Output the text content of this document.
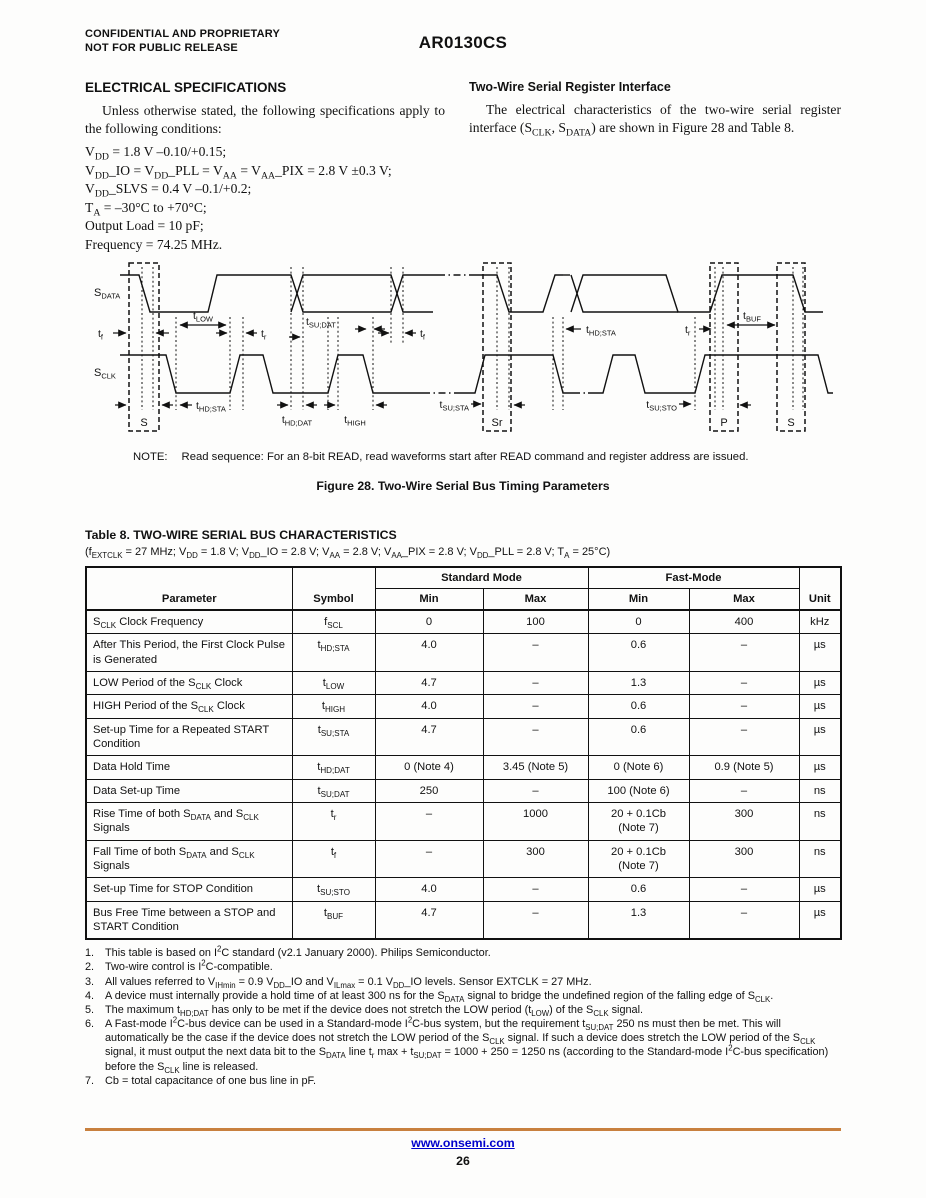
CONFIDENTIAL AND PROPRIETARY
NOT FOR PUBLIC RELEASE	AR0130CS
ELECTRICAL SPECIFICATIONS

Unless otherwise stated, the following specifications apply to the following conditions:

$V_{DD} = 1.8$ V –0.10/+0.15;
$V_{DD}\_IO$ = $V_{DD}\_PLL = V_{AA}$ = $V_{AA}\_PIX = 2.8$ V ±0.3 V;
$V_{DD}\_SLVS = 0.4$ V –0.1/+0.2;
$T_A = -30^\circ C$ to +70°C;
Output Load = 10 pF;
Frequency = 74.25 MHz.
Two-Wire Serial Register Interface

The electrical characteristics of the two-wire serial register interface ($S_{CLK}$, $S_{DATA}$) are shown in Figure 28 and Table 8.

S	Sr	P	S
$S_{DATA}$
$S_{CLK}$
$t_f$
$t_{LOW}$
$t_r$
$t_{SU;DAT}$
$t_f$
$t_{HD;STA}$	$t_r$
$t_{BUF}$
$t_{HD;STA}$
$t_{HD;DAT}$	$t_{HIGH}$
$t_{SU;STA}$	$t_{SU;STO}$
NOTE: Read sequence: For an 8-bit READ, read waveforms start after READ command and register address are issued.
Figure 28. Two-Wire Serial Bus Timing Parameters
Table 8. TWO-WIRE SERIAL BUS CHARACTERISTICS
($f_{EXTCLK} = 27$ MHz; $V_{DD} = 1.8$ V; $V_{DD}\_IO = 2.8$ V; $V_{AA} = 2.8$ V; $V_{AA}\_PIX = 2.8$ V; $V_{DD}\_PLL = 2.8$ V; $T_A = 25^\circ C$)
Parameter	Symbol	Standard Mode		Fast-Mode		Unit
		Min	Max	Min	Max	
$S_{CLK}$ Clock Frequency	$f_{SCL}$	0	100	0	400	kHz
After This Period, the First Clock Pulse is Generated	$t_{HD;STA}$	4.0	–	0.6	–	µs
LOW Period of the $S_{CLK}$ Clock	$t_{LOW}$	4.7	–	1.3	–	µs
HIGH Period of the $S_{CLK}$ Clock	$t_{HIGH}$	4.0	–	0.6	–	µs
Set-up Time for a Repeated START Condition	$t_{SU;STA}$	4.7	–	0.6	–	µs
Data Hold Time	$t_{HD;DAT}$	0 (Note 4)	3.45 (Note 5)	0 (Note 6)	0.9 (Note 5)	µs
Data Set-up Time	$t_{SU;DAT}$	250	–	100 (Note 6)	–	ns
Rise Time of both $S_{DATA}$ and $S_{CLK}$ Signals	$t_r$	–	1000	20 + 0.1Cb
(Note 7)	300	ns
Fall Time of both $S_{DATA}$ and $S_{CLK}$ Signals	$t_f$	–	300	20 + 0.1Cb
(Note 7)	300	ns
Set-up Time for STOP Condition	$t_{SU;STO}$	4.0	–	0.6	–	µs
Bus Free Time between a STOP and START Condition	$t_{BUF}$	4.7	–	1.3	–	µs
1.	This table is based on $I^2C$ standard (v2.1 January 2000). Philips Semiconductor.
2.	Two-wire control is $I^2C$-compatible.
3.	All values referred to $V_{IHmin} = 0.9$ $V_{DD}\_IO$ and $V_{ILmax} = 0.1$ $V_{DD}\_IO$ levels. Sensor EXTCLK = 27 MHz.
4.	A device must internally provide a hold time of at least 300 ns for the $S_{DATA}$ signal to bridge the undefined region of the falling edge of $S_{CLK}$.
5.	The maximum $t_{HD;DAT}$ has only to be met if the device does not stretch the LOW period $(t_{LOW})$ of the $S_{CLK}$ signal.
6.	A Fast-mode $I^2C$-bus device can be used in a Standard-mode $I^2C$-bus system, but the requirement $t_{SU;DAT}$ 250 ns must then be met. This will automatically be the case if the device does not stretch the LOW period of the $S_{CLK}$ signal. If such a device does stretch the LOW period of the $S_{CLK}$ signal, it must output the next data bit to the $S_{DATA}$ line $t_r$ $\max + t_{SU;DAT} = 1000 + 250 = 1250$ ns (according to the Standard-mode $I^2C$-bus specification) before the $S_{CLK}$ line is released.
7.	Cb = total capacitance of one bus line in pF.
www.onsemi.com
26
